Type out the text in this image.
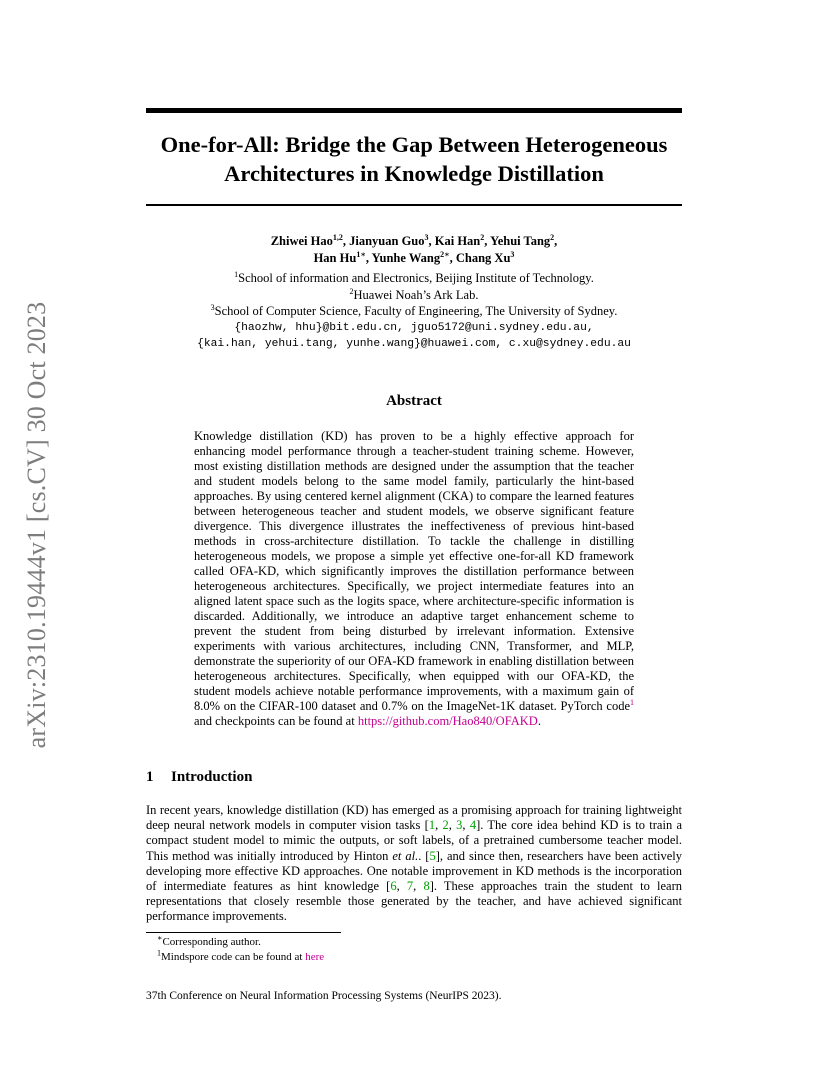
arXiv:2310.19444v1 [cs.CV] 30 Oct 2023
One-for-All: Bridge the Gap Between Heterogeneous
Architectures in Knowledge Distillation
Zhiwei Hao$^{1,2}$, Jianyuan Guo$^3$, Kai Han$^2$, Yehui Tang$^2$,
Han $Hu^{1∗}$, Yunhe Wang$^{2∗}$, Chang Xu$^3$
$^1$School of information and Electronics, Beijing Institute of Technology.
$^2$Huawei Noah’s Ark Lab.
$^3$School of Computer Science, Faculty of Engineering, The University of Sydney.
{haozhw, hhu}@bit.edu.cn, jguo5172@uni.sydney.edu.au,
{kai.han, yehui.tang, yunhe.wang}@huawei.com, c.xu@sydney.edu.au
Abstract
Knowledge distillation (KD) has proven to be a highly effective approach for enhancing model performance through a teacher-student training scheme. However, most existing distillation methods are designed under the assumption that the teacher and student models belong to the same model family, particularly the hint-based approaches. By using centered kernel alignment (CKA) to compare the learned features between heterogeneous teacher and student models, we observe significant feature divergence. This divergence illustrates the ineffectiveness of previous hint-based methods in cross-architecture distillation. To tackle the challenge in distilling heterogeneous models, we propose a simple yet effective one-for-all KD framework called OFA-KD, which significantly improves the distillation performance between heterogeneous architectures. Specifically, we project intermediate features into an aligned latent space such as the logits space, where architecture-specific information is discarded. Additionally, we introduce an adaptive target enhancement scheme to prevent the student from being disturbed by irrelevant information. Extensive experiments with various architectures, including CNN, Transformer, and MLP, demonstrate the superiority of our OFA-KD framework in enabling distillation between heterogeneous architectures. Specifically, when equipped with our OFA-KD, the student models achieve notable performance improvements, with a maximum gain of 8.0% on the CIFAR-100 dataset and 0.7% on the ImageNet-1K dataset. PyTorch code$^1$ and checkpoints can be found at https://github.com/Hao840/OFAKD.
1 Introduction
In recent years, knowledge distillation (KD) has emerged as a promising approach for training lightweight deep neural network models in computer vision tasks [1, 2, 3, 4]. The core idea behind KD is to train a compact student model to mimic the outputs, or soft labels, of a pretrained cumbersome teacher model. This method was initially introduced by Hinton et al.. [5], and since then, researchers have been actively developing more effective KD approaches. One notable improvement in KD methods is the incorporation of intermediate features as hint knowledge [6, 7, 8]. These approaches train the student to learn representations that closely resemble those generated by the teacher, and have achieved significant performance improvements.
∗Corresponding author.
$^1$Mindspore code can be found at here
37th Conference on Neural Information Processing Systems (NeurIPS 2023).
